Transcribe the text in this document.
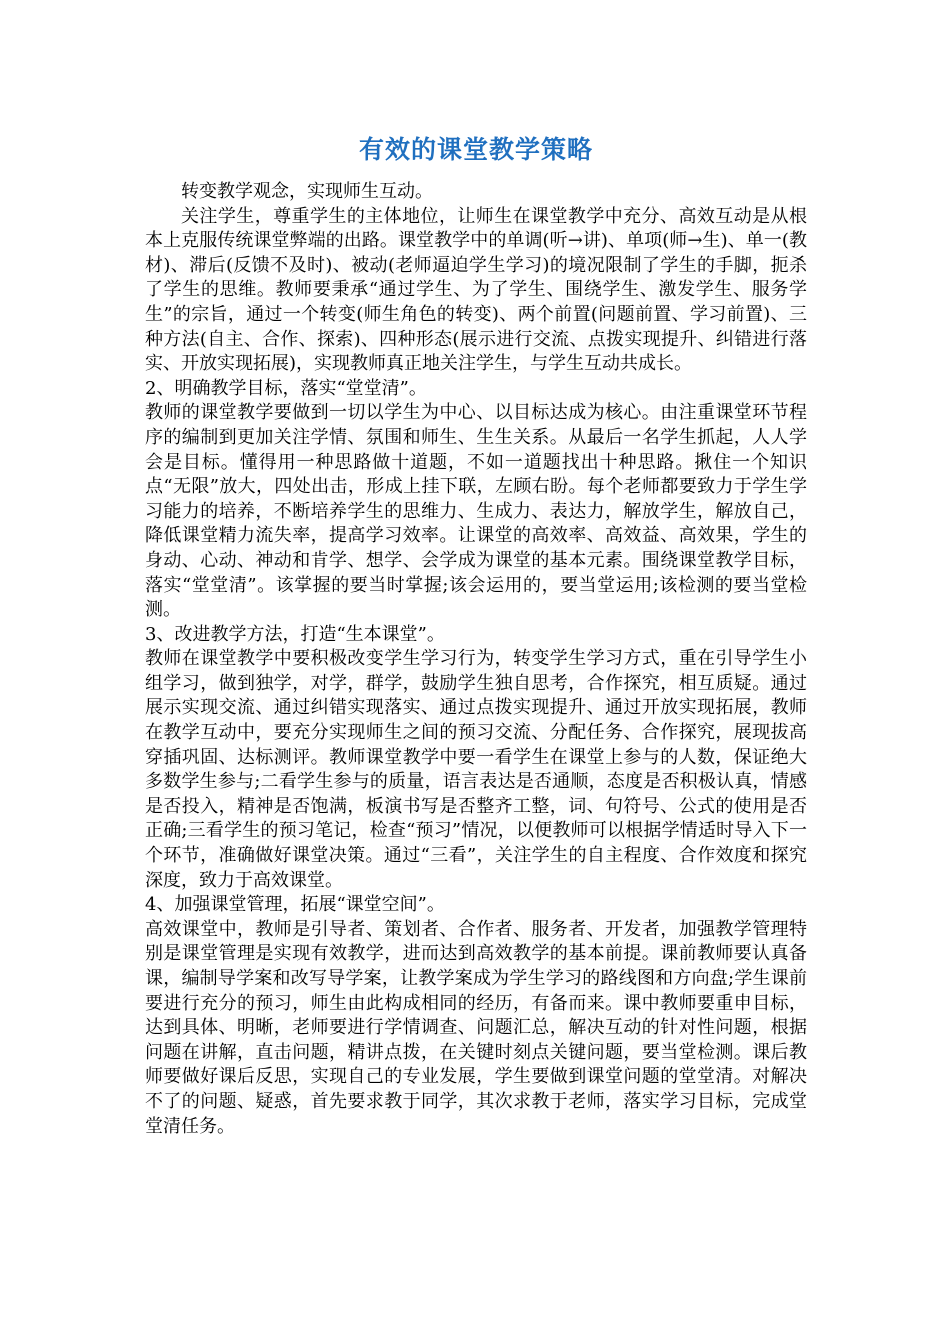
有效的课堂教学策略

转变教学观念，实现师生互动。

关注学生，尊重学生的主体地位，让师生在课堂教学中充分、高效互动是从根本上克服传统课堂弊端的出路。课堂教学中的单调(听→讲)、单项(师→生)、单一(教材)、滞后(反馈不及时)、被动(老师逼迫学生学习)的境况限制了学生的手脚，扼杀了学生的思维。教师要秉承“通过学生、为了学生、围绕学生、激发学生、服务学生”的宗旨，通过一个转变(师生角色的转变)、两个前置(问题前置、学习前置)、三种方法(自主、合作、探索)、四种形态(展示进行交流、点拨实现提升、纠错进行落实、开放实现拓展)，实现教师真正地关注学生，与学生互动共成长。

2、明确教学目标，落实“堂堂清”。

教师的课堂教学要做到一切以学生为中心、以目标达成为核心。由注重课堂环节程序的编制到更加关注学情、氛围和师生、生生关系。从最后一名学生抓起，人人学会是目标。懂得用一种思路做十道题，不如一道题找出十种思路。揪住一个知识点“无限”放大，四处出击，形成上挂下联，左顾右盼。每个老师都要致力于学生学习能力的培养，不断培养学生的思维力、生成力、表达力，解放学生，解放自己，降低课堂精力流失率，提高学习效率。让课堂的高效率、高效益、高效果，学生的身动、心动、神动和肯学、想学、会学成为课堂的基本元素。围绕课堂教学目标，落实“堂堂清”。该掌握的要当时掌握;该会运用的，要当堂运用;该检测的要当堂检测。

3、改进教学方法，打造“生本课堂”。

教师在课堂教学中要积极改变学生学习行为，转变学生学习方式，重在引导学生小组学习，做到独学，对学，群学，鼓励学生独自思考，合作探究，相互质疑。通过展示实现交流、通过纠错实现落实、通过点拨实现提升、通过开放实现拓展，教师在教学互动中，要充分实现师生之间的预习交流、分配任务、合作探究，展现拔高穿插巩固、达标测评。教师课堂教学中要一看学生在课堂上参与的人数，保证绝大多数学生参与;二看学生参与的质量，语言表达是否通顺，态度是否积极认真，情感是否投入，精神是否饱满，板演书写是否整齐工整，词、句符号、公式的使用是否正确;三看学生的预习笔记，检查“预习”情况，以便教师可以根据学情适时导入下一个环节，准确做好课堂决策。通过“三看”，关注学生的自主程度、合作效度和探究深度，致力于高效课堂。

4、加强课堂管理，拓展“课堂空间”。

高效课堂中，教师是引导者、策划者、合作者、服务者、开发者，加强教学管理特别是课堂管理是实现有效教学，进而达到高效教学的基本前提。课前教师要认真备课，编制导学案和改写导学案，让教学案成为学生学习的路线图和方向盘;学生课前要进行充分的预习，师生由此构成相同的经历，有备而来。课中教师要重申目标，达到具体、明晰，老师要进行学情调查、问题汇总，解决互动的针对性问题，根据问题在讲解，直击问题，精讲点拨，在关键时刻点关键问题，要当堂检测。课后教师要做好课后反思，实现自己的专业发展，学生要做到课堂问题的堂堂清。对解决不了的问题、疑惑，首先要求教于同学，其次求教于老师，落实学习目标，完成堂堂清任务。
